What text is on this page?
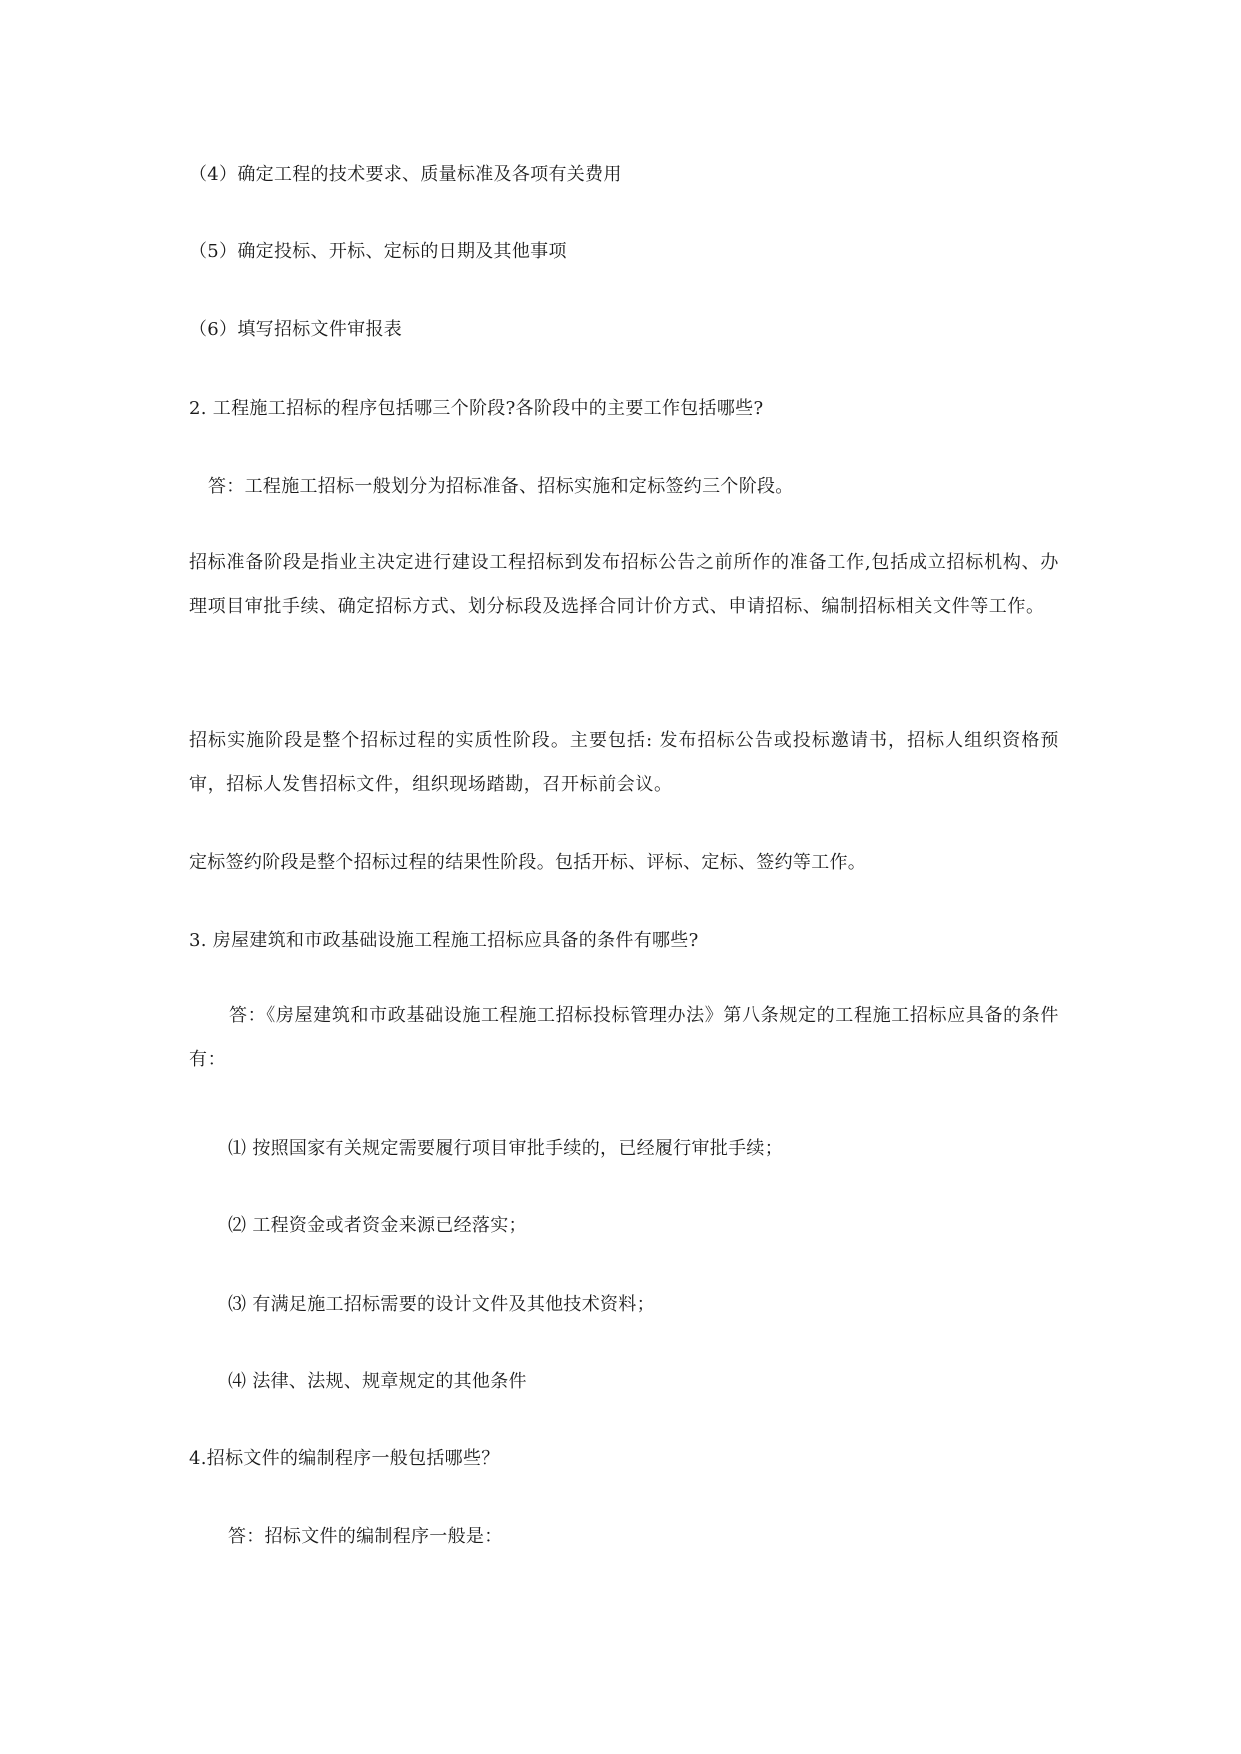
（4）确定工程的技术要求、质量标准及各项有关费用
（5）确定投标、开标、定标的日期及其他事项
（6）填写招标文件审报表
2. 工程施工招标的程序包括哪三个阶段?各阶段中的主要工作包括哪些?
答：工程施工招标一般划分为招标准备、招标实施和定标签约三个阶段。
招标准备阶段是指业主决定进行建设工程招标到发布招标公告之前所作的准备工作,包括成立招标机构、办理项目审批手续、确定招标方式、划分标段及选择合同计价方式、申请招标、编制招标相关文件等工作。
招标实施阶段是整个招标过程的实质性阶段。主要包括: 发布招标公告或投标邀请书，招标人组织资格预审，招标人发售招标文件，组织现场踏勘，召开标前会议。
定标签约阶段是整个招标过程的结果性阶段。包括开标、评标、定标、签约等工作。
3. 房屋建筑和市政基础设施工程施工招标应具备的条件有哪些?
答：《房屋建筑和市政基础设施工程施工招标投标管理办法》第八条规定的工程施工招标应具备的条件有：
⑴ 按照国家有关规定需要履行项目审批手续的，已经履行审批手续；
⑵ 工程资金或者资金来源已经落实；
⑶ 有满足施工招标需要的设计文件及其他技术资料；
⑷ 法律、法规、规章规定的其他条件
4.招标文件的编制程序一般包括哪些？
答：招标文件的编制程序一般是：
